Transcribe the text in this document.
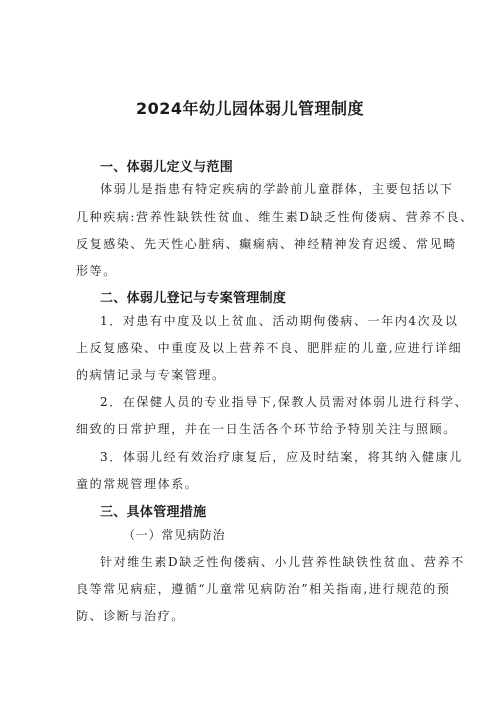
2024年幼儿园体弱儿管理制度
一、体弱儿定义与范围
体弱儿是指患有特定疾病的学龄前儿童群体，主要包括以下
几种疾病:营养性缺铁性贫血、维生素D缺乏性佝偻病、营养不良、
反复感染、先天性心脏病、癫痫病、神经精神发育迟缓、常见畸
形等。
二、体弱儿登记与专案管理制度
1．对患有中度及以上贫血、活动期佝偻病、一年内4次及以
上反复感染、中重度及以上营养不良、肥胖症的儿童,应进行详细
的病情记录与专案管理。
2．在保健人员的专业指导下,保教人员需对体弱儿进行科学、
细致的日常护理，并在一日生活各个环节给予特别关注与照顾。
3．体弱儿经有效治疗康复后，应及时结案，将其纳入健康儿
童的常规管理体系。
三、具体管理措施
（一）常见病防治
针对维生素D缺乏性佝偻病、小儿营养性缺铁性贫血、营养不
良等常见病症，遵循“儿童常见病防治”相关指南,进行规范的预
防、诊断与治疗。
